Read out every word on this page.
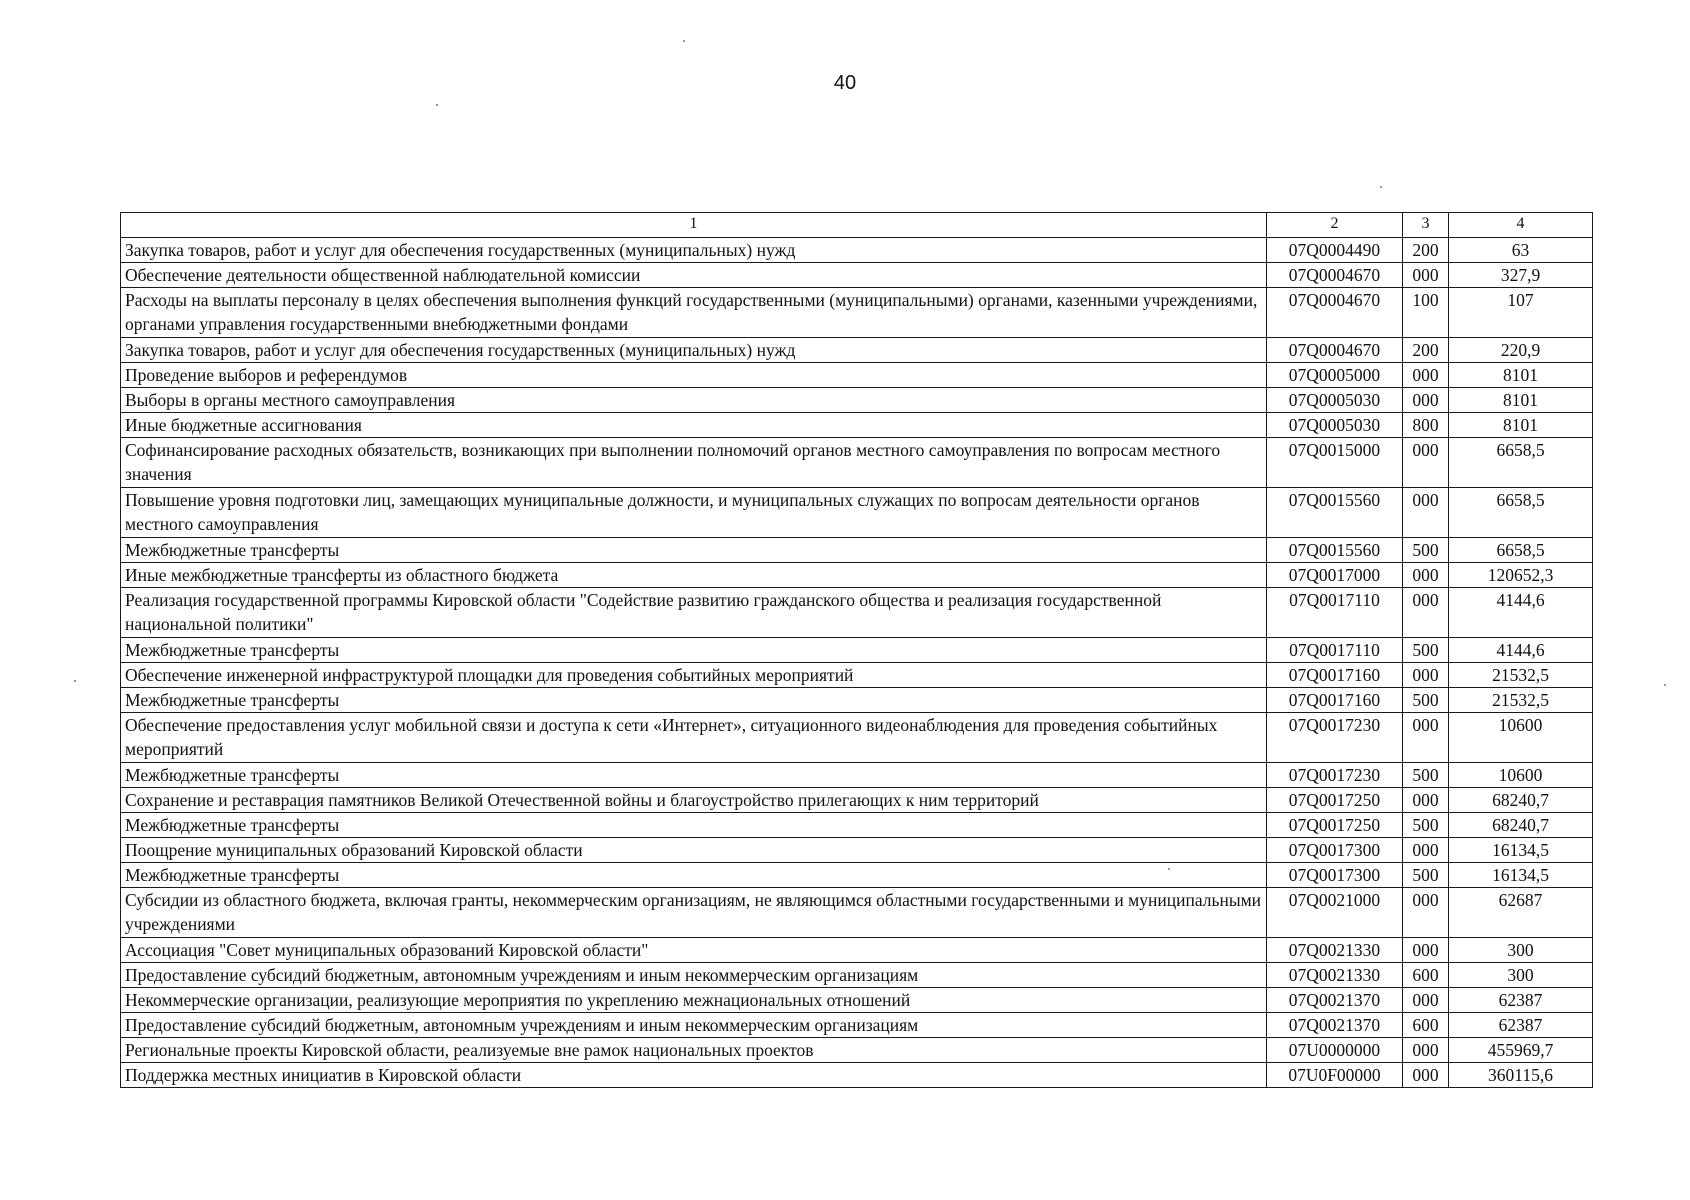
40
1	2	3	4
Закупка товаров, работ и услуг для обеспечения государственных (муниципальных) нужд	07Q0004490	200	63
Обеспечение деятельности общественной наблюдательной комиссии	07Q0004670	000	327,9
Расходы на выплаты персоналу в целях обеспечения выполнения функций государственными (муниципальными) органами, казенными учреждениями, органами управления государственными внебюджетными фондами	07Q0004670	100	107
Закупка товаров, работ и услуг для обеспечения государственных (муниципальных) нужд	07Q0004670	200	220,9
Проведение выборов и референдумов	07Q0005000	000	8101
Выборы в органы местного самоуправления	07Q0005030	000	8101
Иные бюджетные ассигнования	07Q0005030	800	8101
Софинансирование расходных обязательств, возникающих при выполнении полномочий органов местного самоуправления по вопросам местного значения	07Q0015000	000	6658,5
Повышение уровня подготовки лиц, замещающих муниципальные должности, и муниципальных служащих по вопросам деятельности органов местного самоуправления	07Q0015560	000	6658,5
Межбюджетные трансферты	07Q0015560	500	6658,5
Иные межбюджетные трансферты из областного бюджета	07Q0017000	000	120652,3
Реализация государственной программы Кировской области "Содействие развитию гражданского общества и реализация государственной национальной политики"	07Q0017110	000	4144,6
Межбюджетные трансферты	07Q0017110	500	4144,6
Обеспечение инженерной инфраструктурой площадки для проведения событийных мероприятий	07Q0017160	000	21532,5
Межбюджетные трансферты	07Q0017160	500	21532,5
Обеспечение предоставления услуг мобильной связи и доступа к сети «Интернет», ситуационного видеонаблюдения для проведения событийных мероприятий	07Q0017230	000	10600
Межбюджетные трансферты	07Q0017230	500	10600
Сохранение и реставрация памятников Великой Отечественной войны и благоустройство прилегающих к ним территорий	07Q0017250	000	68240,7
Межбюджетные трансферты	07Q0017250	500	68240,7
Поощрение муниципальных образований Кировской области	07Q0017300	000	16134,5
Межбюджетные трансферты	07Q0017300	500	16134,5
Субсидии из областного бюджета, включая гранты, некоммерческим организациям, не являющимся областными государственными и муниципальными учреждениями	07Q0021000	000	62687
Ассоциация "Совет муниципальных образований Кировской области"	07Q0021330	000	300
Предоставление субсидий бюджетным, автономным учреждениям и иным некоммерческим организациям	07Q0021330	600	300
Некоммерческие организации, реализующие мероприятия по укреплению межнациональных отношений	07Q0021370	000	62387
Предоставление субсидий бюджетным, автономным учреждениям и иным некоммерческим организациям	07Q0021370	600	62387
Региональные проекты Кировской области, реализуемые вне рамок национальных проектов	07U0000000	000	455969,7
Поддержка местных инициатив в Кировской области	07U0F00000	000	360115,6
